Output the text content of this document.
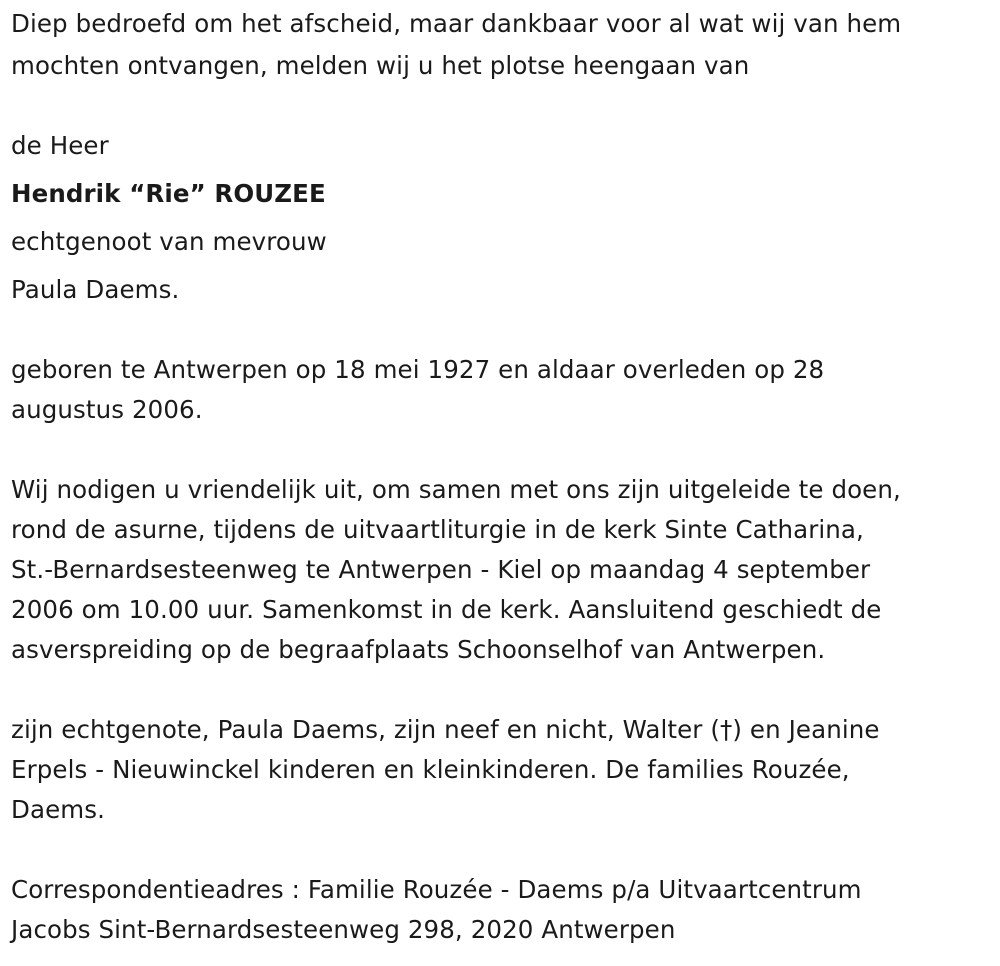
Diep bedroefd om het afscheid, maar dankbaar voor al wat wij van hem
mochten ontvangen, melden wij u het plotse heengaan van
de Heer
Hendrik “Rie” ROUZEE
echtgenoot van mevrouw
Paula Daems.
geboren te Antwerpen op 18 mei 1927 en aldaar overleden op 28
augustus 2006.
Wij nodigen u vriendelijk uit, om samen met ons zijn uitgeleide te doen,
rond de asurne, tijdens de uitvaartliturgie in de kerk Sinte Catharina,
St.-Bernardsesteenweg te Antwerpen - Kiel op maandag 4 september
2006 om 10.00 uur. Samenkomst in de kerk. Aansluitend geschiedt de
asverspreiding op de begraafplaats Schoonselhof van Antwerpen.
zijn echtgenote, Paula Daems, zijn neef en nicht, Walter (†) en Jeanine
Erpels - Nieuwinckel kinderen en kleinkinderen. De families Rouzée,
Daems.
Correspondentieadres : Familie Rouzée - Daems p/a Uitvaartcentrum
Jacobs Sint-Bernardsesteenweg 298, 2020 Antwerpen
